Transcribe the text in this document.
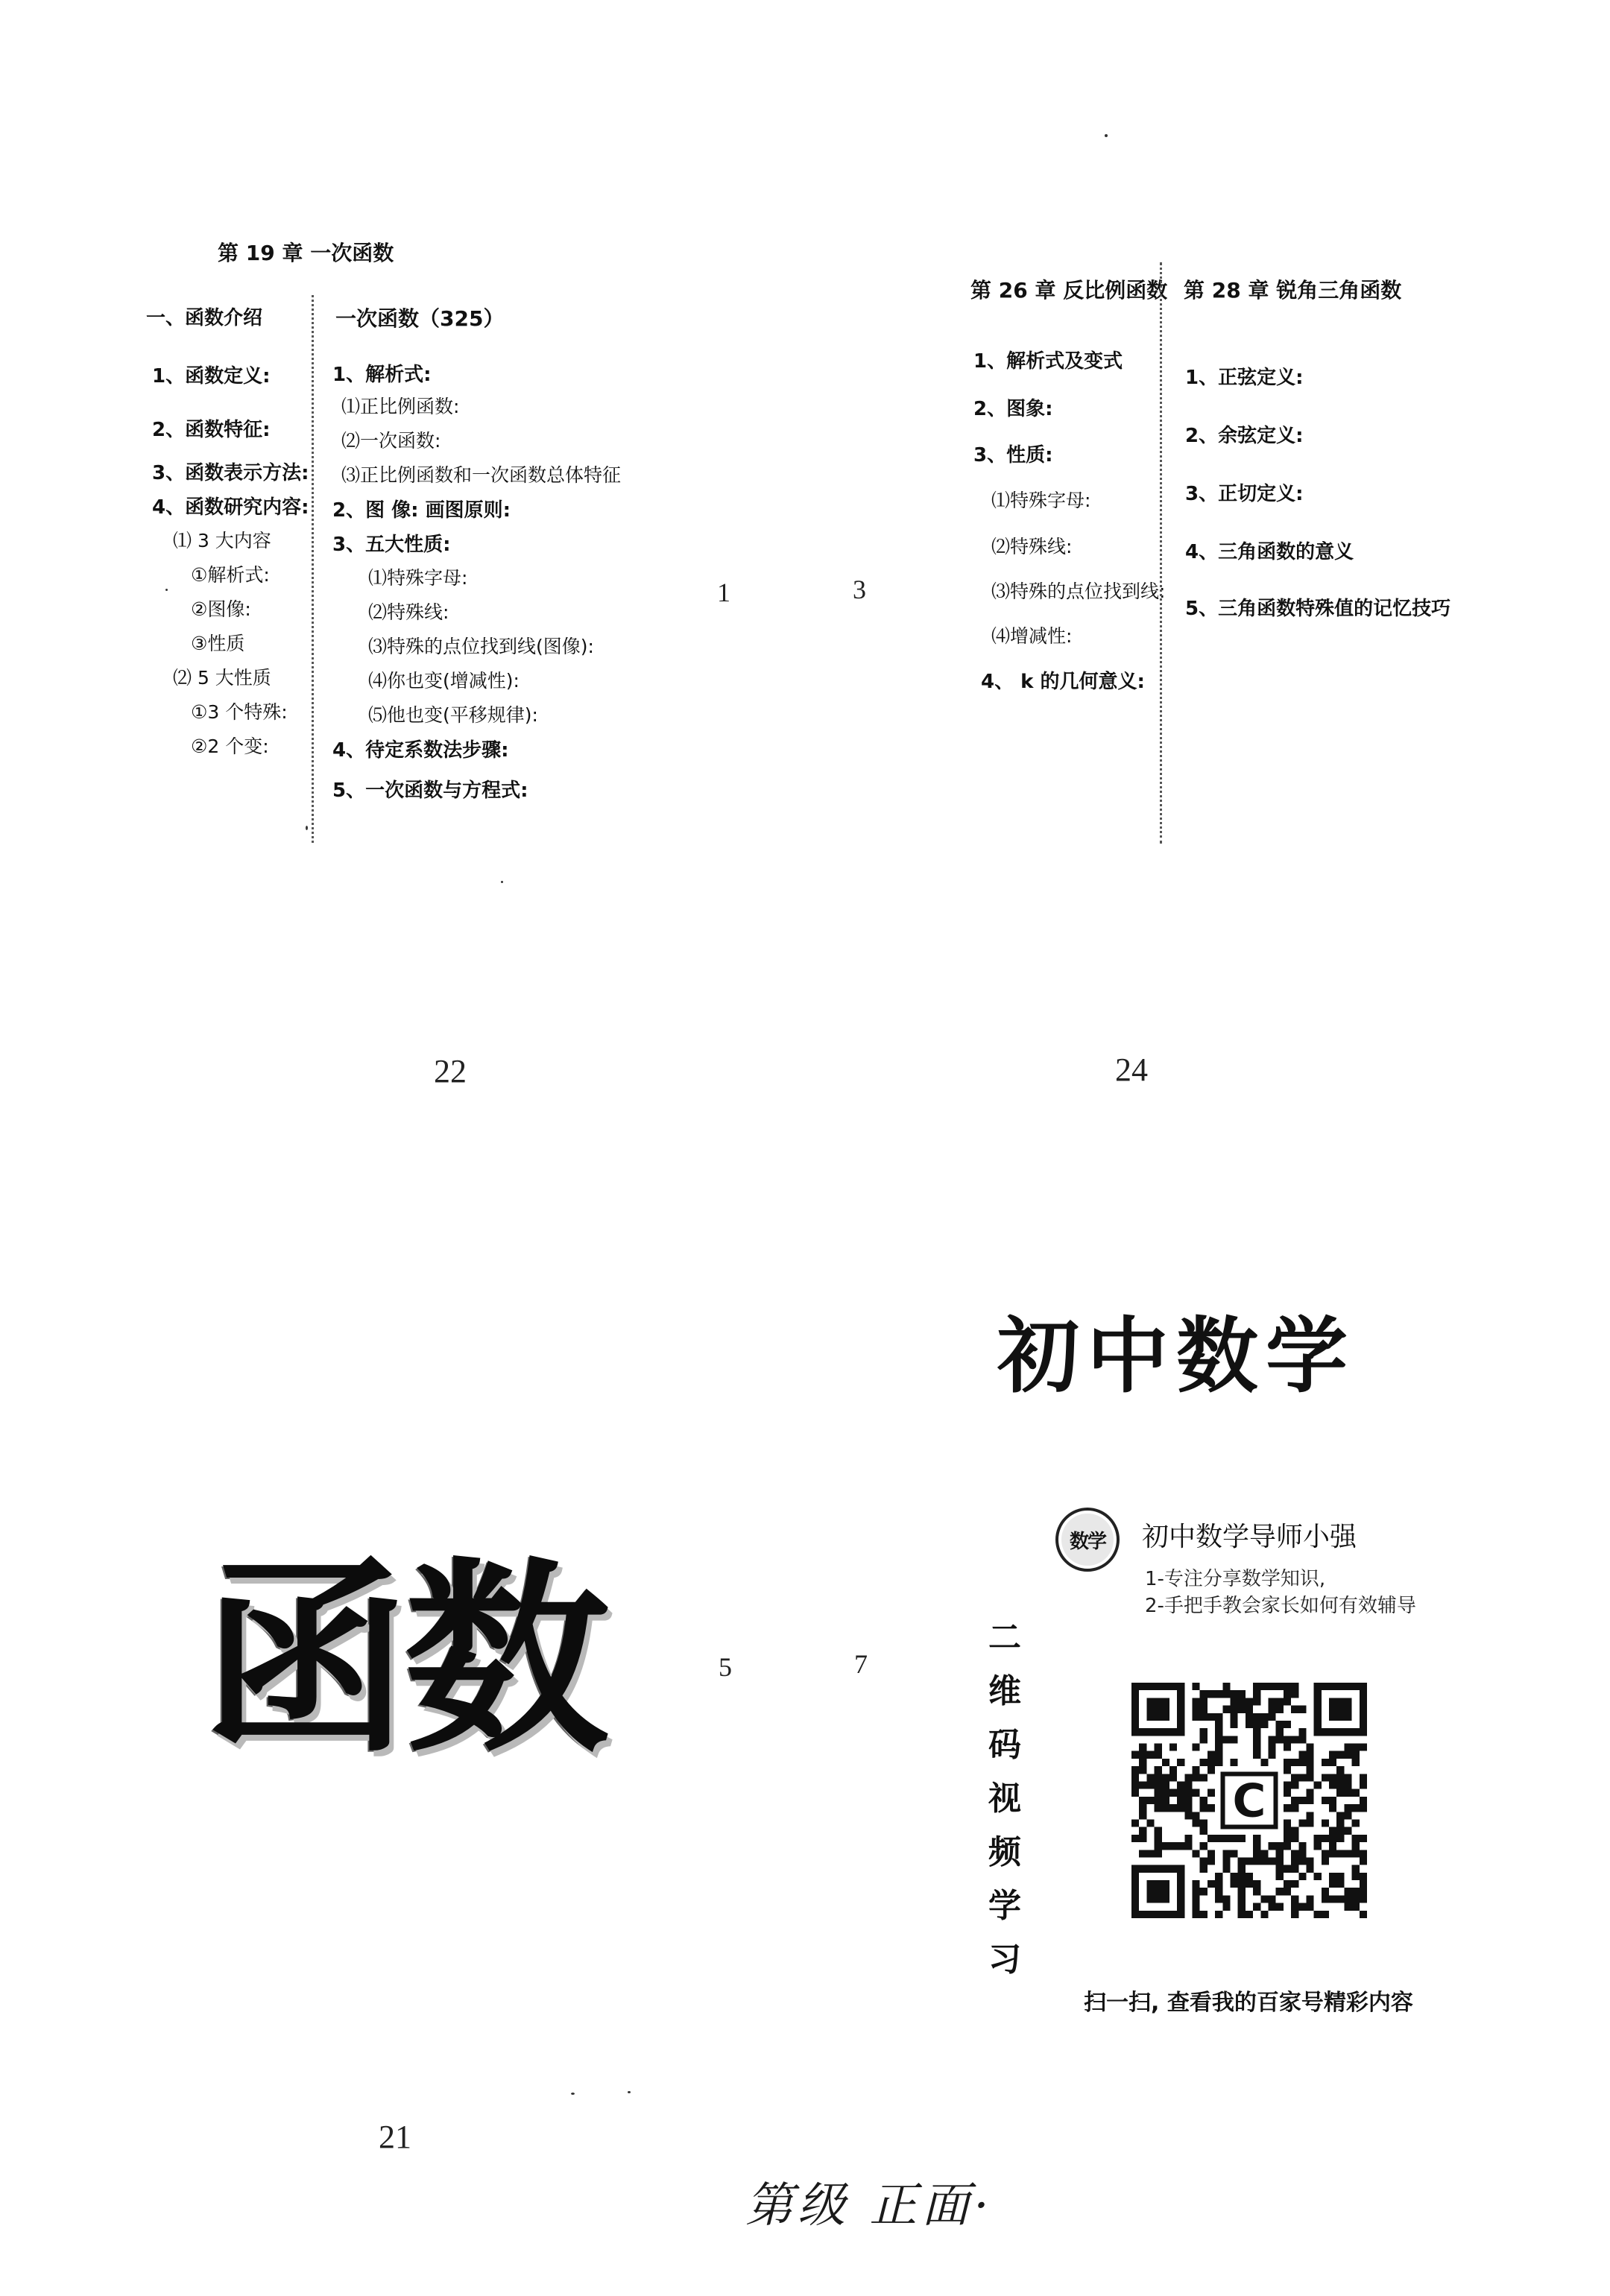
第 19 章 一次函数
一、函数介绍
1、函数定义:
2、函数特征:
3、函数表示方法:
4、函数研究内容:
⑴ 3 大内容
①解析式:
②图像:
③性质
⑵ 5 大性质
①3 个特殊:
②2 个变:
一次函数（325）
1、解析式:
⑴正比例函数:
⑵一次函数:
⑶正比例函数和一次函数总体特征
2、图 像: 画图原则:
3、五大性质:
⑴特殊字母:
⑵特殊线:
⑶特殊的点位找到线(图像):
⑷你也变(增减性):
⑸他也变(平移规律):
4、待定系数法步骤:
5、一次函数与方程式:
22
1	3
第 26 章 反比例函数
1、解析式及变式
2、图象:
3、性质:
⑴特殊字母:
⑵特殊线:
⑶特殊的点位找到线:
⑷增减性:
4、 k 的几何意义:
第 28 章 锐角三角函数
1、正弦定义:
2、余弦定义:
3、正切定义:
4、三角函数的意义
5、三角函数特殊值的记忆技巧
24
函数
21
5	7
初中数学
二
维
码
视
频
学
习
数学	初中数学导师小强
1-专注分享数学知识,
2-手把手教会家长如何有效辅导
C
扫一扫, 查看我的百家号精彩内容
第级 正面·
